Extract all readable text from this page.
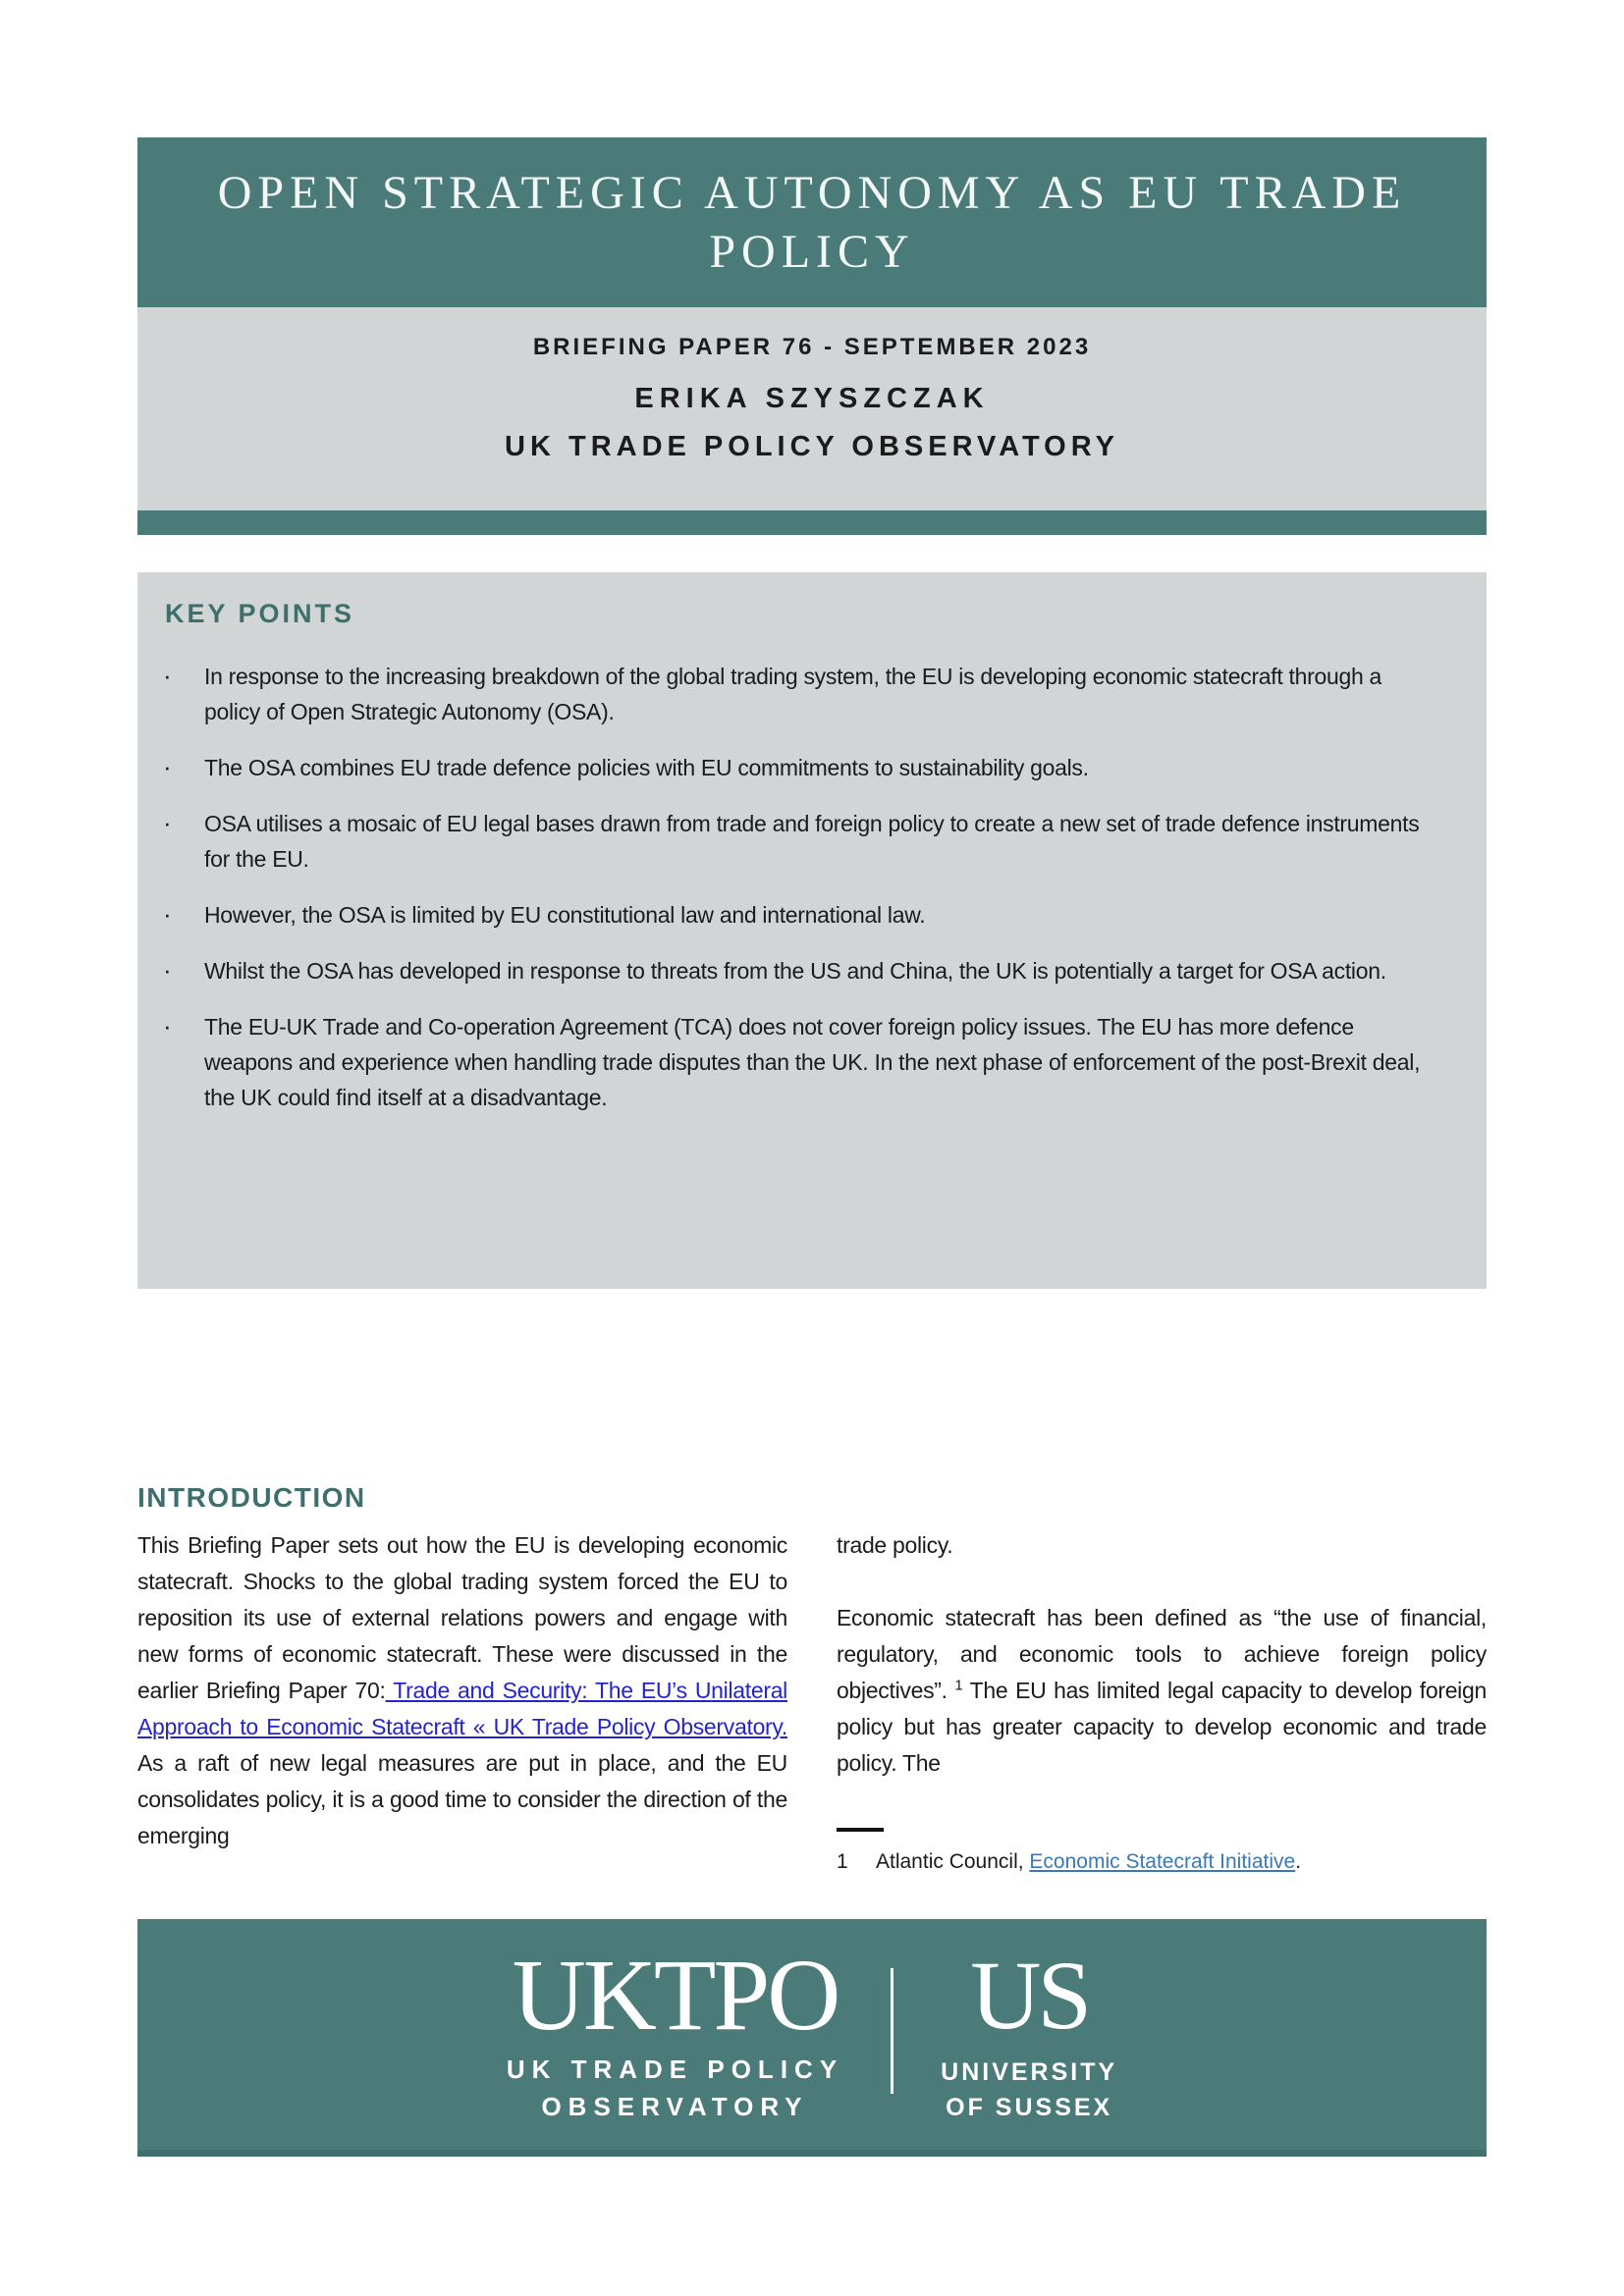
OPEN STRATEGIC AUTONOMY AS EU TRADE POLICY

BRIEFING PAPER 76 - SEPTEMBER 2023

ERIKA SZYSZCZAK

UK TRADE POLICY OBSERVATORY

KEY POINTS
· In response to the increasing breakdown of the global trading system, the EU is developing economic statecraft through a policy of Open Strategic Autonomy (OSA).
· The OSA combines EU trade defence policies with EU commitments to sustainability goals.
· OSA utilises a mosaic of EU legal bases drawn from trade and foreign policy to create a new set of trade defence instruments for the EU.
· However, the OSA is limited by EU constitutional law and international law.
· Whilst the OSA has developed in response to threats from the US and China, the UK is potentially a target for OSA action.
· The EU-UK Trade and Co-operation Agreement (TCA) does not cover foreign policy issues. The EU has more defence weapons and experience when handling trade disputes than the UK. In the next phase of enforcement of the post-Brexit deal, the UK could find itself at a disadvantage.
INTRODUCTION

This Briefing Paper sets out how the EU is developing economic statecraft. Shocks to the global trading system forced the EU to reposition its use of external relations powers and engage with new forms of economic statecraft. These were discussed in the earlier Briefing Paper 70: Trade and Security: The EU’s Unilateral Approach to Economic Statecraft « UK Trade Policy Observatory. As a raft of new legal measures are put in place, and the EU consolidates policy, it is a good time to consider the direction of the emerging

trade policy.

Economic statecraft has been defined as “the use of financial, regulatory, and economic tools to achieve foreign policy objectives”. $^1$ The EU has limited legal capacity to develop foreign policy but has greater capacity to develop economic and trade policy. The

1	Atlantic Council, Economic Statecraft Initiative.

UKTPO

UK TRADE POLICY

OBSERVATORY

US

UNIVERSITY

OF SUSSEX
